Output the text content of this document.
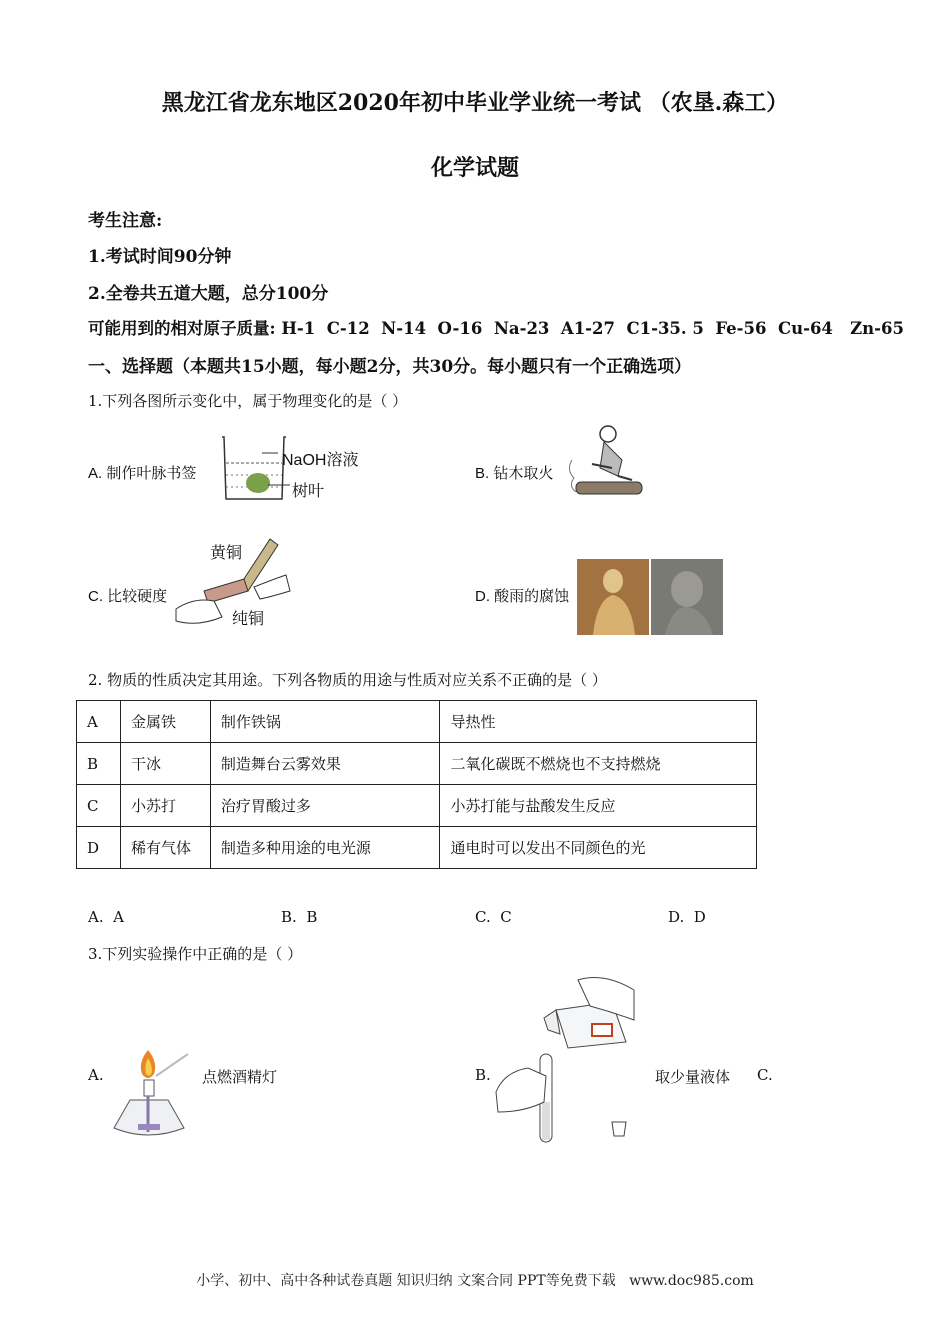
黑龙江省龙东地区2020年初中毕业学业统一考试 （农垦.森工）
化学试题
考生注意:
1.考试时间90分钟
2.全卷共五道大题，总分100分
可能用到的相对原子质量: H-1  C-12  N-14  O-16  Na-23  A1-27  C1-35. 5  Fe-56  Cu-64   Zn-65
一、选择题（本题共15小题，每小题2分，共30分。每小题只有一个正确选项）
1.下列各图所示变化中，属于物理变化的是（ ）
A. 制作叶脉书签
NaOH溶液
树叶
B. 钻木取火
C. 比较硬度
黄铜
纯铜
D. 酸雨的腐蚀
2. 物质的性质决定其用途。下列各物质的用途与性质对应关系不正确的是（ ）
A	金属铁	制作铁锅	导热性
B	干冰	制造舞台云雾效果	二氧化碳既不燃烧也不支持燃烧
C	小苏打	治疗胃酸过多	小苏打能与盐酸发生反应
D	稀有气体	制造多种用途的电光源	通电时可以发出不同颜色的光
A.  A	B.  B	C.  C	D.  D
3.下列实验操作中正确的是（ ）
A.	点燃酒精灯	B.	取少量液体 C.
小学、初中、高中各种试卷真题 知识归纳 文案合同 PPT等免费下载   www.doc985.com
